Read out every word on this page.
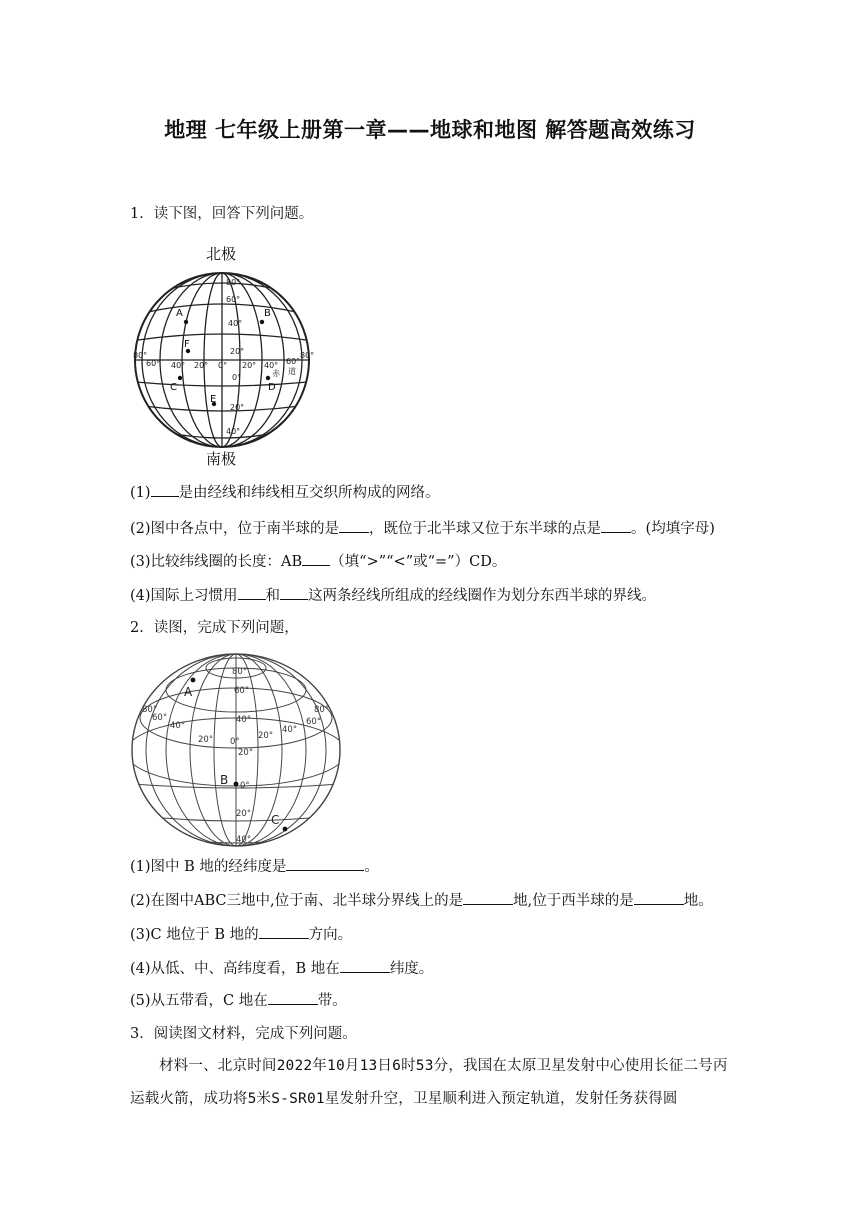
地理 七年级上册第一章——地球和地图 解答题高效练习
1．读下图，回答下列问题。
北极
南极
80°
60°
40°
20°
0°
20°
40°
80°
60° 40° 20° 0° 20° 40° 60°
80°
赤 道
A	B
C	D
E
F
(1) 是由经线和纬线相互交织所构成的网络。
(2)图中各点中，位于南半球的是 ，既位于北半球又位于东半球的点是 。(均填字母)
(3)比较纬线圈的长度：AB （填“>”“<”或“=”）CD。
(4)国际上习惯用 和 这两条经线所组成的经线圈作为划分东西半球的界线。
2．读图，完成下列问题，
80°
60°
40°
20°
0°
20°
40°
80°
60°
40°
20° 0°
20°
40°
60°
80°
A
B
C
(1)图中 B 地的经纬度是	。
(2)在图中ABC三地中,位于南、北半球分界线上的是	地,位于西半球的是	地。
(3)C 地位于 B 地的	方向。
(4)从低、中、高纬度看，B 地在	纬度。
(5)从五带看，C 地在	带。
3．阅读图文材料，完成下列问题。
材料一、北京时间2022年10月13日6时53分，我国在太原卫星发射中心使用长征二号丙运载火箭，成功将5米S-SR01星发射升空，卫星顺利进入预定轨道，发射任务获得圆
